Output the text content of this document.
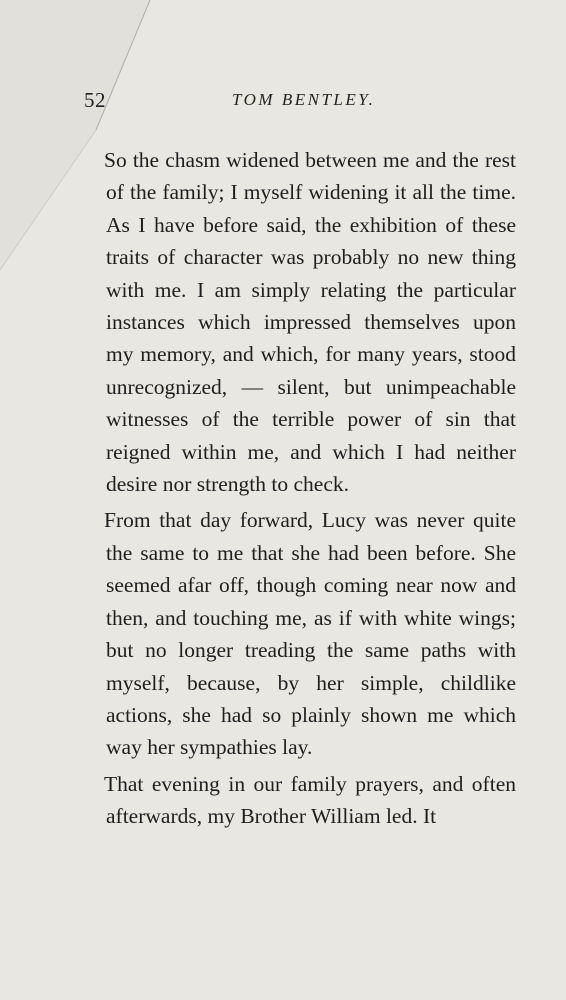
52	TOM BENTLEY.

So the chasm widened between me and the rest of the family; I myself widening it all the time. As I have before said, the exhibition of these traits of character was probably no new thing with me. I am simply relating the particular instances which impressed themselves upon my memory, and which, for many years, stood unrecognized, — silent, but unimpeachable witnesses of the terrible power of sin that reigned within me, and which I had neither desire nor strength to check.

From that day forward, Lucy was never quite the same to me that she had been before. She seemed afar off, though coming near now and then, and touching me, as if with white wings; but no longer treading the same paths with myself, because, by her simple, childlike actions, she had so plainly shown me which way her sympathies lay.

That evening in our family prayers, and often afterwards, my Brother William led. It
